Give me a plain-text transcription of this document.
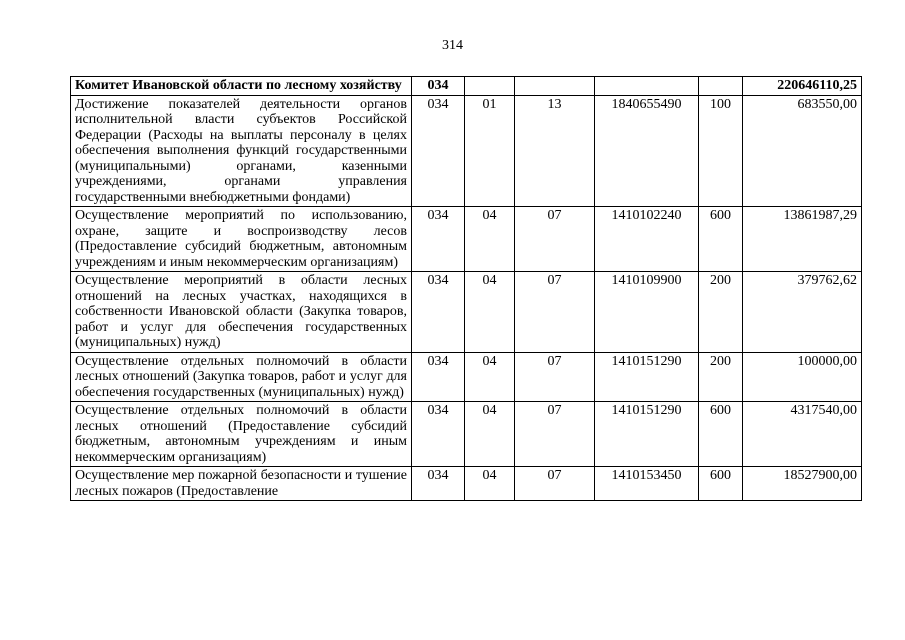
314
Комитет Ивановской области по лесному хозяйству	034					220646110,25
Достижение показателей деятельности органов исполнительной власти субъектов Российской Федерации (Расходы на выплаты персоналу в целях обеспечения выполнения функций государственными (муниципальными) органами, казенными учреждениями, органами управления государственными внебюджетными фондами)	034	01	13	1840655490	100	683550,00
Осуществление мероприятий по использованию, охране, защите и воспроизводству лесов (Предоставление субсидий бюджетным, автономным учреждениям и иным некоммерческим организациям)	034	04	07	1410102240	600	13861987,29
Осуществление мероприятий в области лесных отношений на лесных участках, находящихся в собственности Ивановской области (Закупка товаров, работ и услуг для обеспечения государственных (муниципальных) нужд)	034	04	07	1410109900	200	379762,62
Осуществление отдельных полномочий в области лесных отношений (Закупка товаров, работ и услуг для обеспечения государственных (муниципальных) нужд)	034	04	07	1410151290	200	100000,00
Осуществление отдельных полномочий в области лесных отношений (Предоставление субсидий бюджетным, автономным учреждениям и иным некоммерческим организациям)	034	04	07	1410151290	600	4317540,00
Осуществление мер пожарной безопасности и тушение лесных пожаров (Предоставление	034	04	07	1410153450	600	18527900,00
